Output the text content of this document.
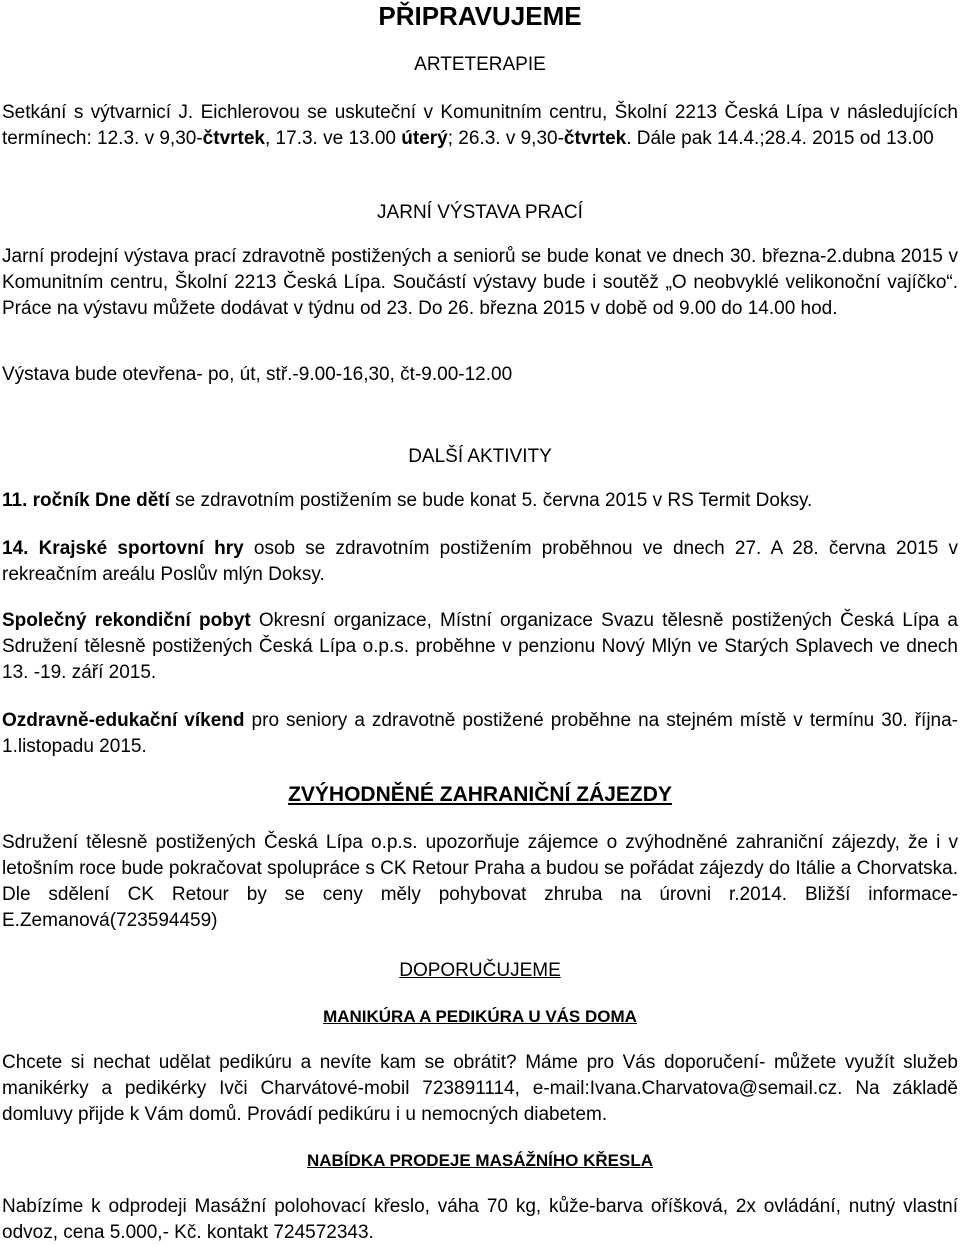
PŘIPRAVUJEME
ARTETERAPIE
Setkání s výtvarnicí J. Eichlerovou se uskuteční v Komunitním centru, Školní 2213 Česká Lípa v následujících termínech: 12.3. v 9,30-čtvrtek, 17.3. ve 13.00 úterý; 26.3. v 9,30-čtvrtek. Dále pak 14.4.;28.4. 2015 od 13.00
JARNÍ VÝSTAVA PRACÍ
Jarní prodejní výstava prací zdravotně postižených a seniorů se bude konat ve dnech 30. března-2.dubna 2015 v Komunitním centru, Školní 2213 Česká Lípa. Součástí výstavy bude i soutěž „O neobvyklé velikonoční vajíčko“. Práce na výstavu můžete dodávat v týdnu od 23. Do 26. března 2015 v době od 9.00 do 14.00 hod.
Výstava bude otevřena- po, út, stř.-9.00-16,30, čt-9.00-12.00
DALŠÍ AKTIVITY
11. ročník Dne dětí se zdravotním postižením se bude konat 5. června 2015 v RS Termit Doksy.
14. Krajské sportovní hry osob se zdravotním postižením proběhnou ve dnech 27. A 28. června 2015 v rekreačním areálu Poslův mlýn Doksy.
Společný rekondiční pobyt Okresní organizace, Místní organizace Svazu tělesně postižených Česká Lípa a Sdružení tělesně postižených Česká Lípa o.p.s. proběhne v penzionu Nový Mlýn ve Starých Splavech ve dnech 13. -19. září 2015.
Ozdravně-edukační víkend pro seniory a zdravotně postižené proběhne na stejném místě v termínu 30. října-1.listopadu 2015.
ZVÝHODNĚNÉ ZAHRANIČNÍ ZÁJEZDY
Sdružení tělesně postižených Česká Lípa o.p.s. upozorňuje zájemce o zvýhodněné zahraniční zájezdy, že i v letošním roce bude pokračovat spolupráce s CK Retour Praha a budou se pořádat zájezdy do Itálie a Chorvatska. Dle sdělení CK Retour by se ceny měly pohybovat zhruba na úrovni r.2014. Bližší informace-E.Zemanová(723594459)
DOPORUČUJEME
MANIKÚRA A PEDIKÚRA U VÁS DOMA
Chcete si nechat udělat pedikúru a nevíte kam se obrátit? Máme pro Vás doporučení- můžete využít služeb manikérky a pedikérky Ivči Charvátové-mobil 723891114, e-mail:Ivana.Charvatova@semail.cz. Na základě domluvy přijde k Vám domů. Provádí pedikúru i u nemocných diabetem.
NABÍDKA PRODEJE MASÁŽNÍHO KŘESLA
Nabízíme k odprodeji Masážní polohovací křeslo, váha 70 kg, kůže-barva oříšková, 2x ovládání, nutný vlastní odvoz, cena 5.000,- Kč. kontakt 724572343.
